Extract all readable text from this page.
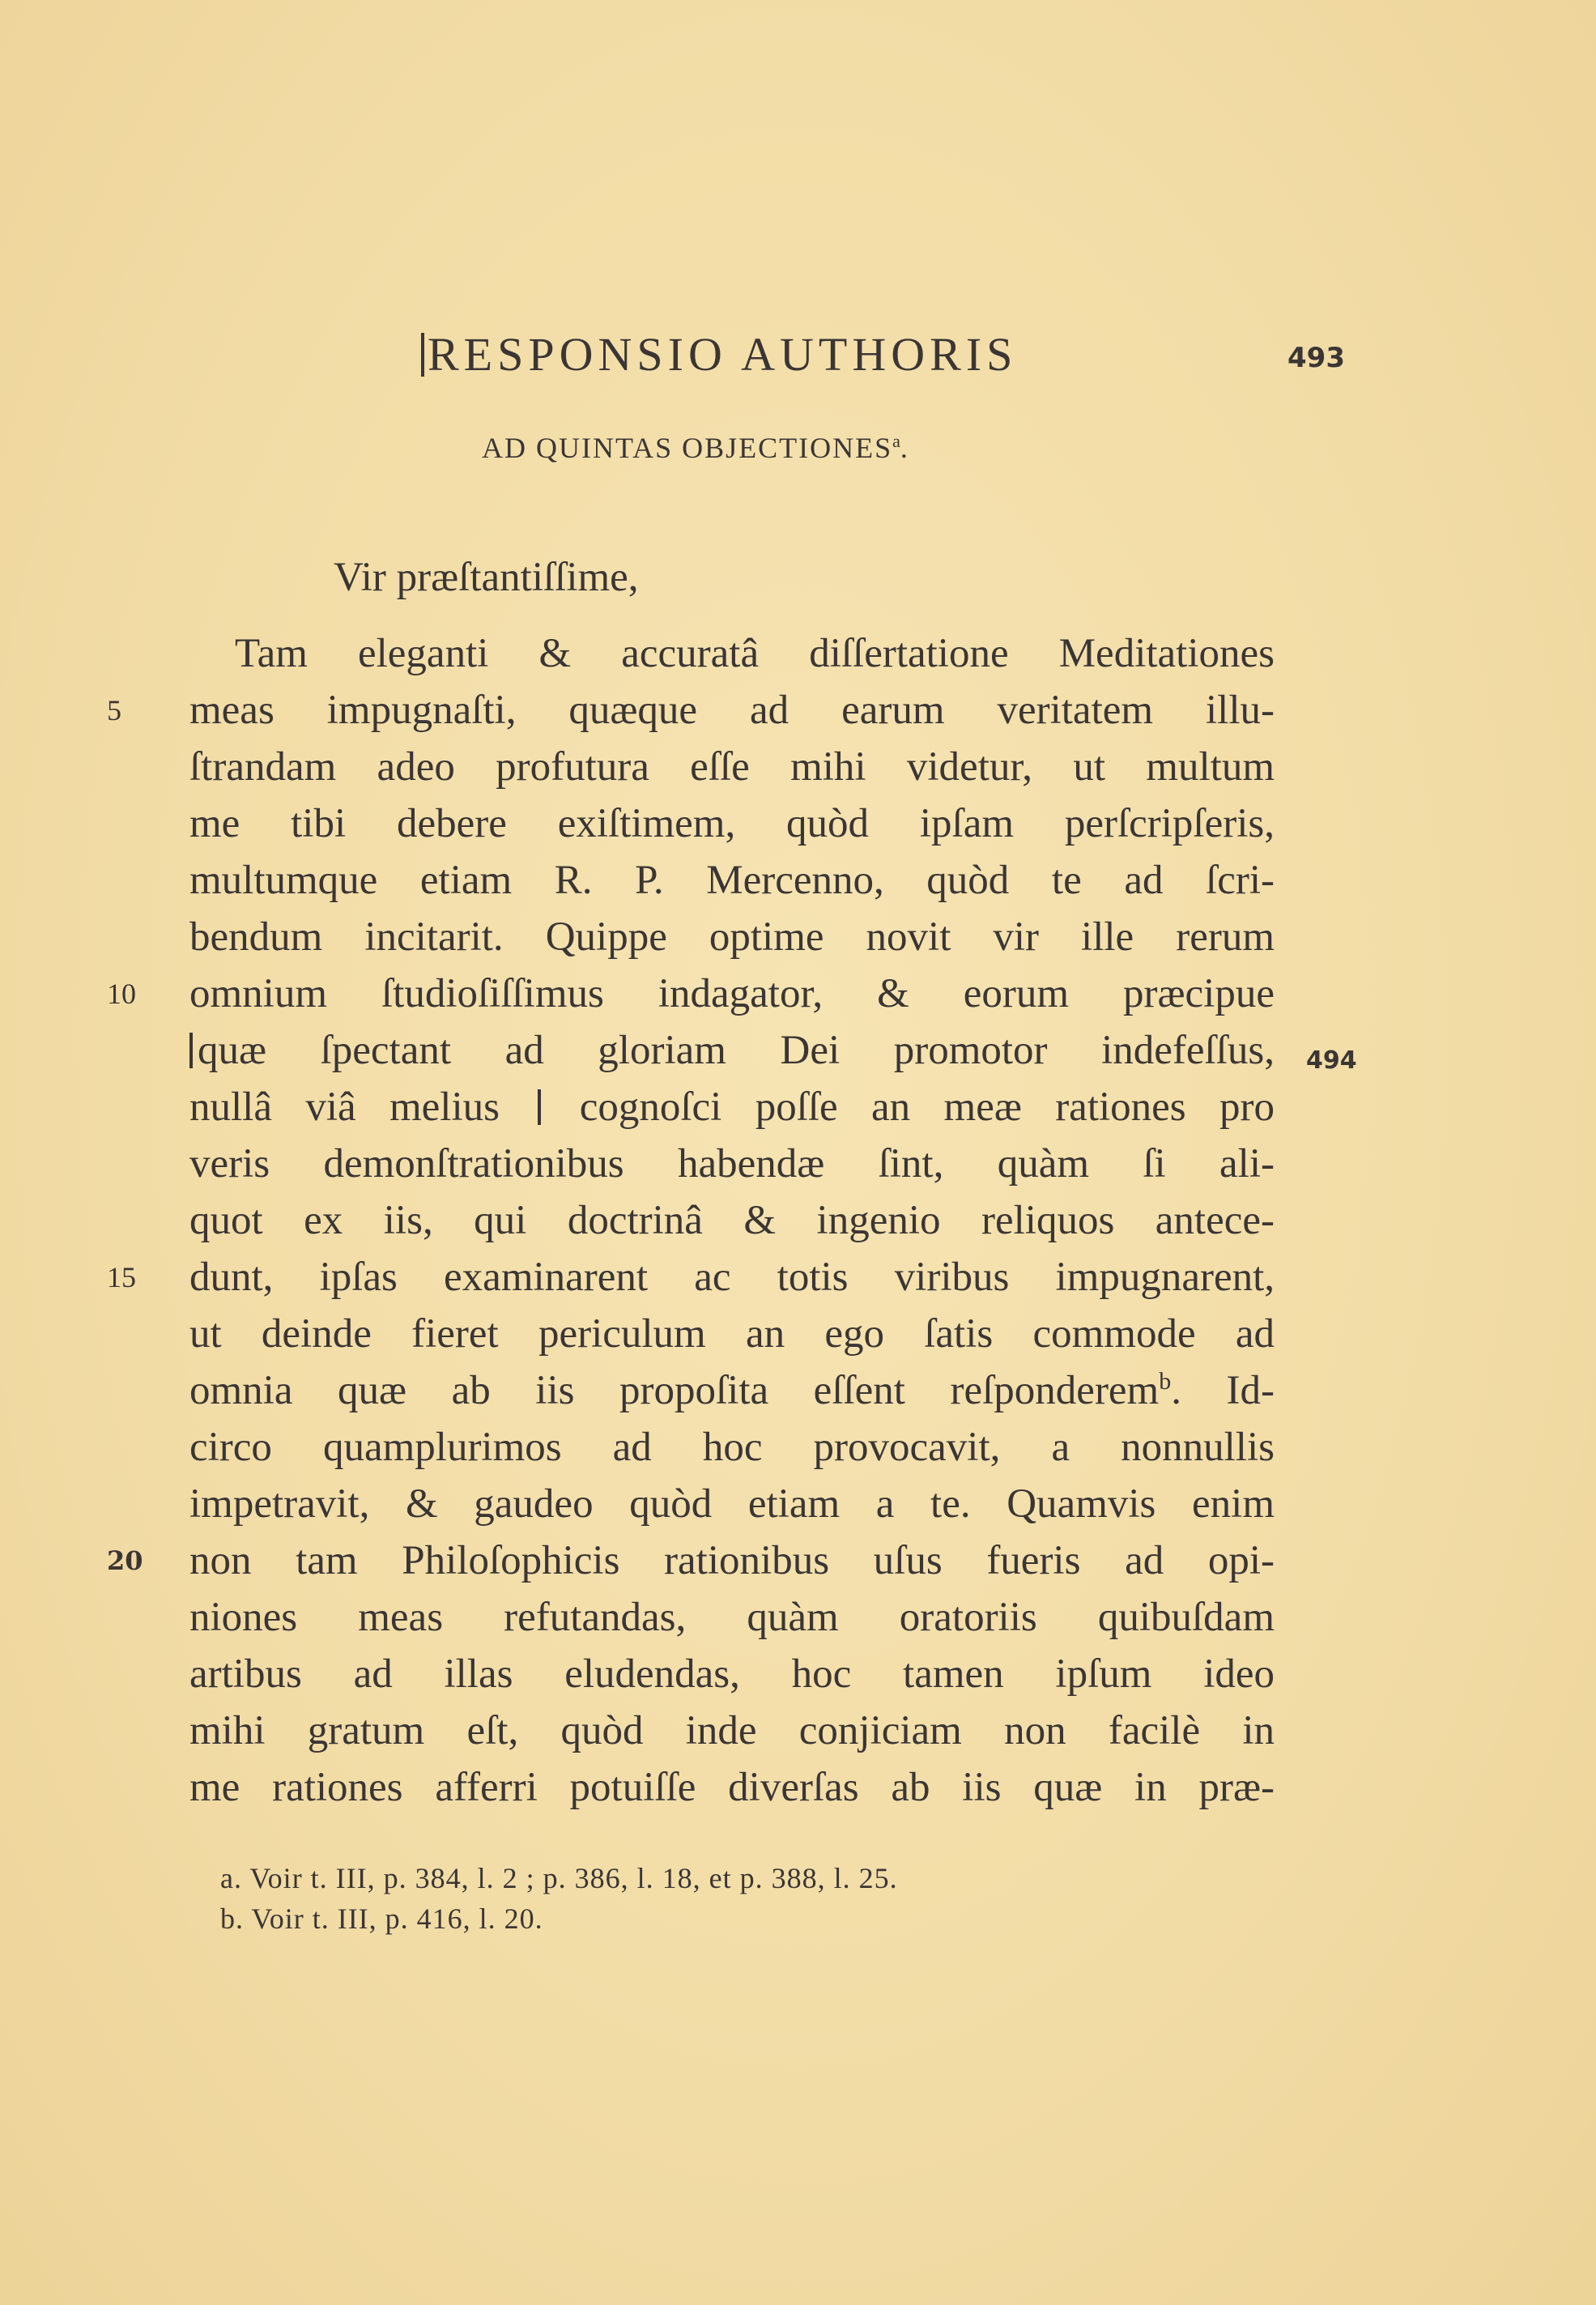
RESPONSIO AUTHORIS	493
AD QUINTAS OBJECTIONES$^a$.
Vir præſtantiſſime,
Tam eleganti & accuratâ diſſertatione Meditationes
meas impugnaſti, quæque ad earum veritatem illu-
ſtrandam adeo profutura eſſe mihi videtur, ut multum
me tibi debere exiſtimem, quòd ipſam perſcripſeris,
multumque etiam R. P. Mercenno, quòd te ad ſcri-
bendum incitarit. Quippe optime novit vir ille rerum
omnium ſtudioſiſſimus indagator, & eorum præcipue
quæ ſpectant ad gloriam Dei promotor indefeſſus,
nullâ viâ melius cognoſci poſſe an meæ rationes pro
veris demonſtrationibus habendæ ſint, quàm ſi ali-
quot ex iis, qui doctrinâ & ingenio reliquos antece-
dunt, ipſas examinarent ac totis viribus impugnarent,
ut deinde fieret periculum an ego ſatis commode ad
omnia quæ ab iis propoſita eſſent reſponderem$^b$. Id-
circo quamplurimos ad hoc provocavit, a nonnullis
impetravit, & gaudeo quòd etiam a te. Quamvis enim
non tam Philoſophicis rationibus uſus fueris ad opi-
niones meas refutandas, quàm oratoriis quibuſdam
artibus ad illas eludendas, hoc tamen ipſum ideo
mihi gratum eſt, quòd inde conjiciam non facilè in
me rationes afferri potuiſſe diverſas ab iis quæ in præ-
5
10
15
20
494
a. Voir t. III, p. 384, l. 2 ; p. 386, l. 18, et p. 388, l. 25.
b. Voir t. III, p. 416, l. 20.
